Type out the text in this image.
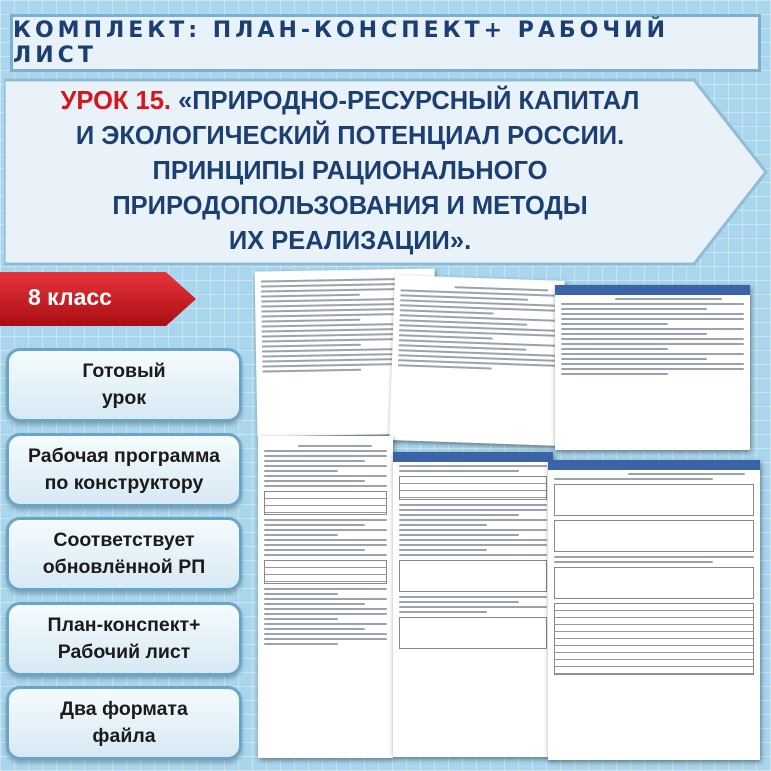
КОМПЛЕКТ: ПЛАН-КОНСПЕКТ+ РАБОЧИЙ ЛИСТ
УРОК 15. «ПРИРОДНО-РЕСУРСНЫЙ КАПИТАЛ
И ЭКОЛОГИЧЕСКИЙ ПОТЕНЦИАЛ РОССИИ.
ПРИНЦИПЫ РАЦИОНАЛЬНОГО
ПРИРОДОПОЛЬЗОВАНИЯ И МЕТОДЫ
ИХ РЕАЛИЗАЦИИ».
8 класс
Готовый
урок
Рабочая программа
по конструктору
Соответствует
обновлённой РП
План-конспект+
Рабочий лист
Два формата
файла
